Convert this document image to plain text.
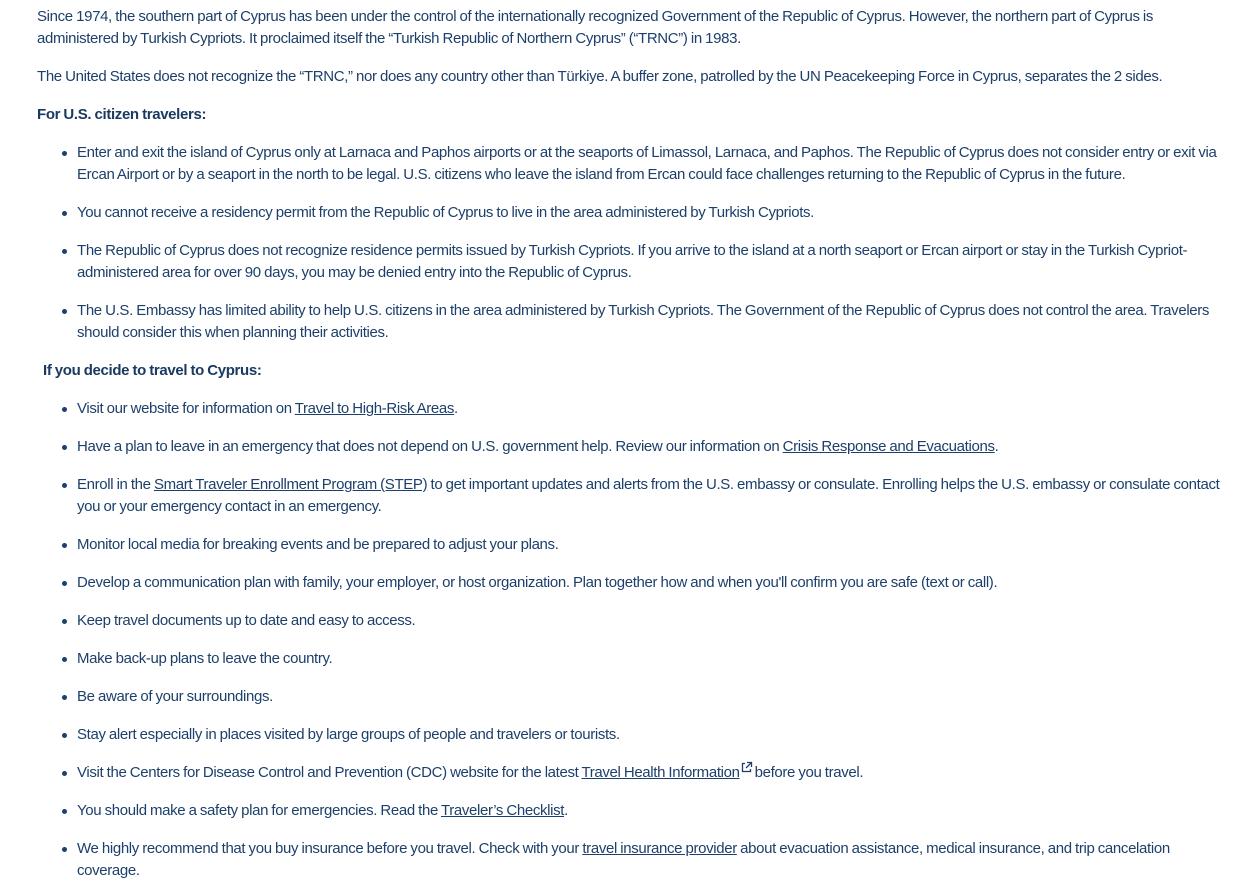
Since 1974, the southern part of Cyprus has been under the control of the internationally recognized Government of the Republic of Cyprus. However, the northern part of Cyprus is administered by Turkish Cypriots. It proclaimed itself the “Turkish Republic of Northern Cyprus” (“TRNC”) in 1983.

The United States does not recognize the “TRNC,” nor does any country other than Türkiye. A buffer zone, patrolled by the UN Peacekeeping Force in Cyprus, separates the 2 sides.

For U.S. citizen travelers:
Enter and exit the island of Cyprus only at Larnaca and Paphos airports or at the seaports of Limassol, Larnaca, and Paphos. The Republic of Cyprus does not consider entry or exit via Ercan Airport or by a seaport in the north to be legal. U.S. citizens who leave the island from Ercan could face challenges returning to the Republic of Cyprus in the future.
You cannot receive a residency permit from the Republic of Cyprus to live in the area administered by Turkish Cypriots.
The Republic of Cyprus does not recognize residence permits issued by Turkish Cypriots. If you arrive to the island at a north seaport or Ercan airport or stay in the Turkish Cypriot-administered area for over 90 days, you may be denied entry into the Republic of Cyprus.
The U.S. Embassy has limited ability to help U.S. citizens in the area administered by Turkish Cypriots. The Government of the Republic of Cyprus does not control the area. Travelers should consider this when planning their activities.
If you decide to travel to Cyprus:
Visit our website for information on Travel to High-Risk Areas.
Have a plan to leave in an emergency that does not depend on U.S. government help. Review our information on Crisis Response and Evacuations.
Enroll in the Smart Traveler Enrollment Program (STEP) to get important updates and alerts from the U.S. embassy or consulate. Enrolling helps the U.S. embassy or consulate contact you or your emergency contact in an emergency.
Monitor local media for breaking events and be prepared to adjust your plans.
Develop a communication plan with family, your employer, or host organization. Plan together how and when you'll confirm you are safe (text or call).
Keep travel documents up to date and easy to access.
Make back-up plans to leave the country.
Be aware of your surroundings.
Stay alert especially in places visited by large groups of people and travelers or tourists.
Visit the Centers for Disease Control and Prevention (CDC) website for the latest Travel Health Information before you travel.
You should make a safety plan for emergencies. Read the Traveler’s Checklist.
We highly recommend that you buy insurance before you travel. Check with your travel insurance provider about evacuation assistance, medical insurance, and trip cancelation coverage.
